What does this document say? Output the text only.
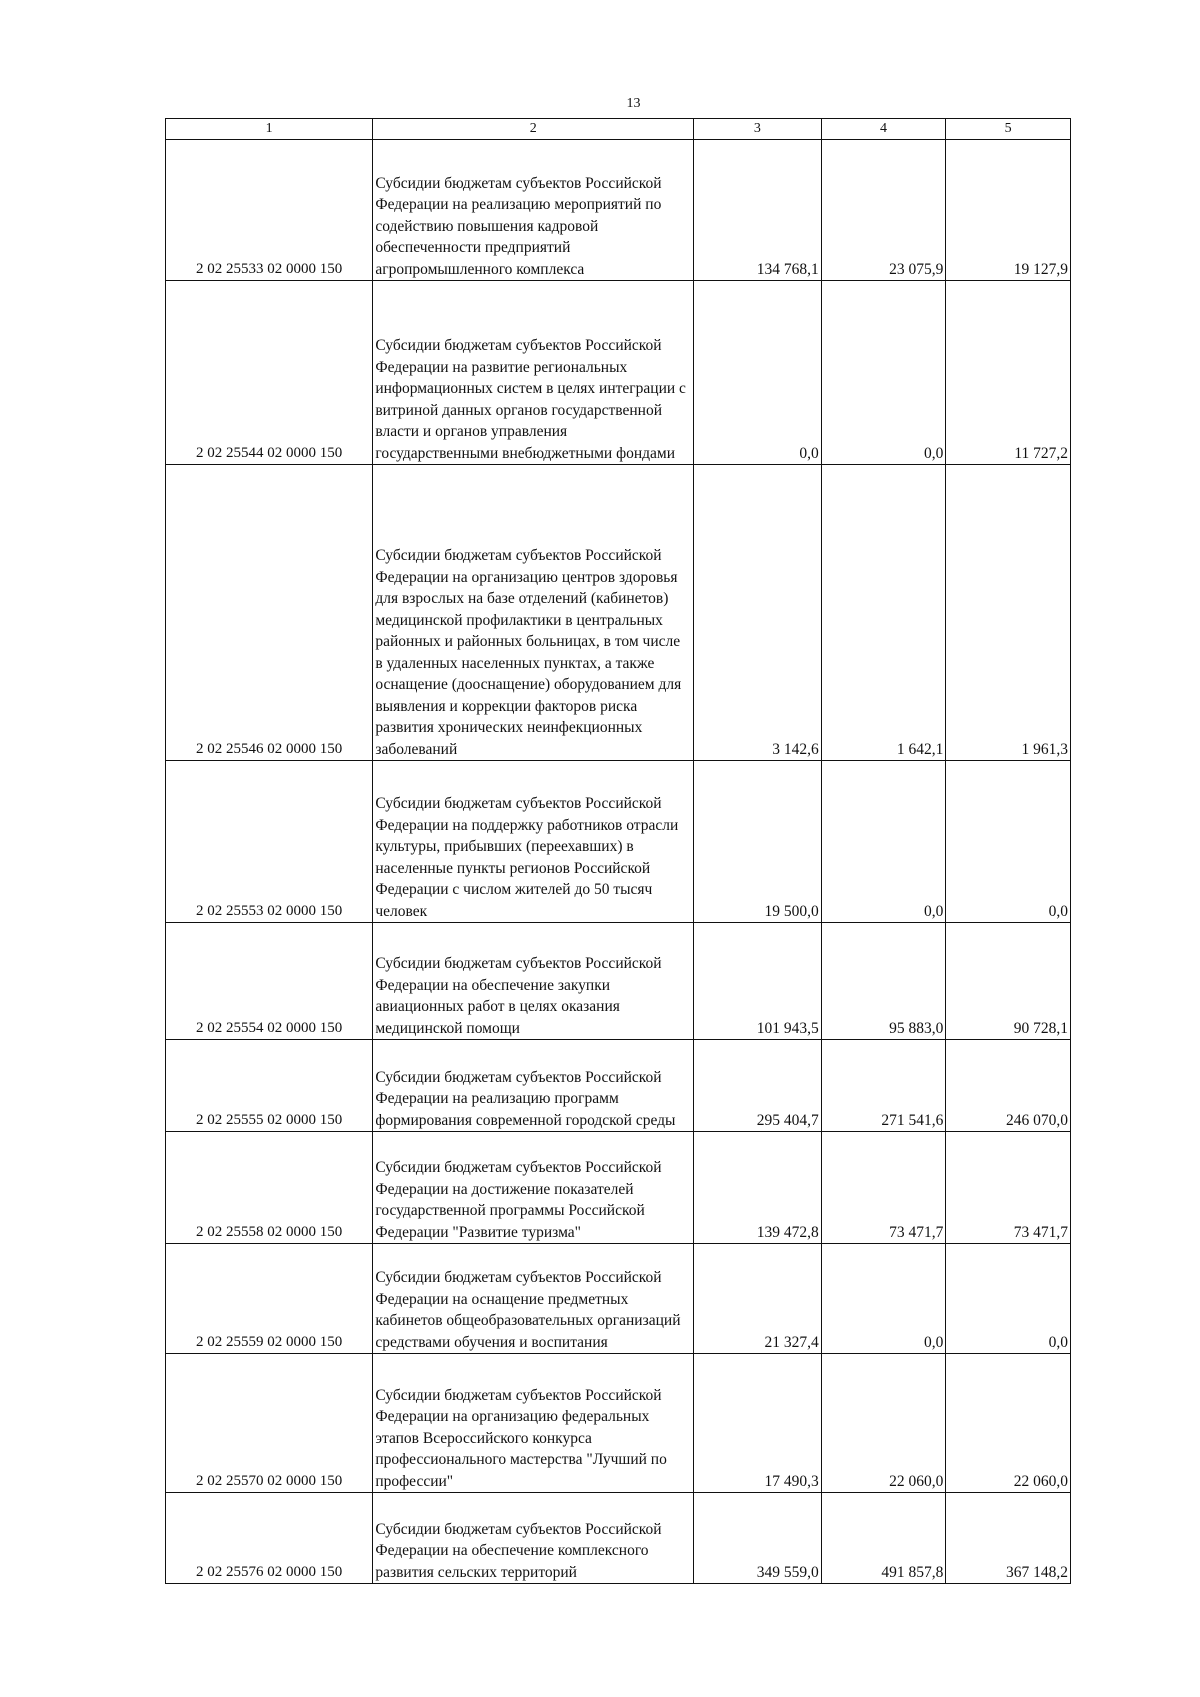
13
1	2	3	4	5
2 02 25533 02 0000 150	Субсидии бюджетам субъектов Российской Федерации на реализацию мероприятий по содействию повышения кадровой обеспеченности предприятий агропромышленного комплекса	134 768,1	23 075,9	19 127,9
2 02 25544 02 0000 150	Субсидии бюджетам субъектов Российской Федерации на развитие региональных информационных систем в целях интеграции с витриной данных органов государственной власти и органов управления государственными внебюджетными фондами	0,0	0,0	11 727,2
2 02 25546 02 0000 150	Субсидии бюджетам субъектов Российской Федерации на организацию центров здоровья для взрослых на базе отделений (кабинетов) медицинской профилактики в центральных районных и районных больницах, в том числе в удаленных населенных пунктах, а также оснащение (дооснащение) оборудованием для выявления и коррекции факторов риска развития хронических неинфекционных заболеваний	3 142,6	1 642,1	1 961,3
2 02 25553 02 0000 150	Субсидии бюджетам субъектов Российской Федерации на поддержку работников отрасли культуры, прибывших (переехавших) в населенные пункты регионов Российской Федерации с числом жителей до 50 тысяч человек	19 500,0	0,0	0,0
2 02 25554 02 0000 150	Субсидии бюджетам субъектов Российской Федерации на обеспечение закупки авиационных работ в целях оказания медицинской помощи	101 943,5	95 883,0	90 728,1
2 02 25555 02 0000 150	Субсидии бюджетам субъектов Российской Федерации на реализацию программ формирования современной городской среды	295 404,7	271 541,6	246 070,0
2 02 25558 02 0000 150	Субсидии бюджетам субъектов Российской Федерации на достижение показателей государственной программы Российской Федерации "Развитие туризма"	139 472,8	73 471,7	73 471,7
2 02 25559 02 0000 150	Субсидии бюджетам субъектов Российской Федерации на оснащение предметных кабинетов общеобразовательных организаций средствами обучения и воспитания	21 327,4	0,0	0,0
2 02 25570 02 0000 150	Субсидии бюджетам субъектов Российской Федерации на организацию федеральных этапов Всероссийского конкурса профессионального мастерства "Лучший по профессии"	17 490,3	22 060,0	22 060,0
2 02 25576 02 0000 150	Субсидии бюджетам субъектов Российской Федерации на обеспечение комплексного развития сельских территорий	349 559,0	491 857,8	367 148,2
